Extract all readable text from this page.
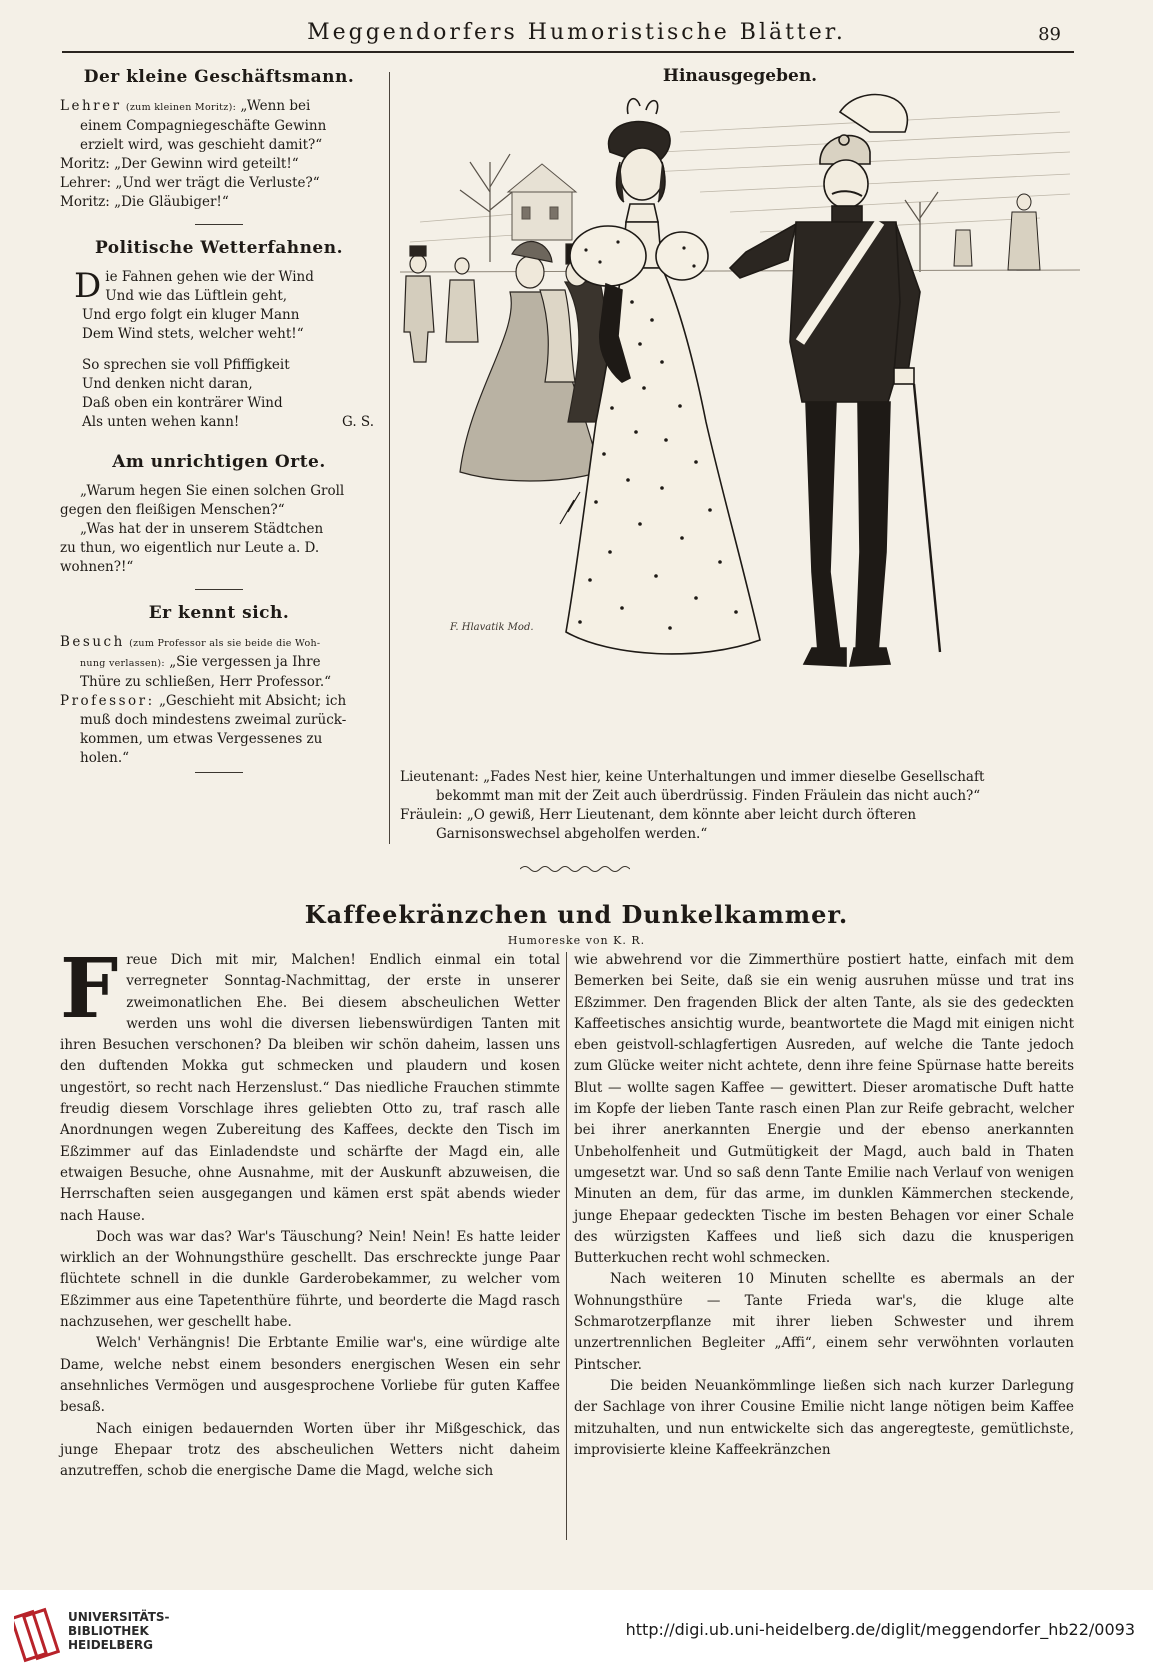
Meggendorfers Humoristische Blätter.	89
Der kleine Geschäftsmann.
Lehrer (zum kleinen Moritz): „Wenn bei
einem Compagniegeschäfte Gewinn
erzielt wird, was geschieht damit?“
Moritz: „Der Gewinn wird geteilt!“
Lehrer: „Und wer trägt die Verluste?“
Moritz: „Die Gläubiger!“
Politische Wetterfahnen.
D ie Fahnen gehen wie der Wind
Und wie das Lüftlein geht,
Und ergo folgt ein kluger Mann
Dem Wind stets, welcher weht!“
So sprechen sie voll Pfiffigkeit
Und denken nicht daran,
Daß oben ein konträrer Wind
Als unten wehen kann!	G. S.
Am unrichtigen Orte.
„Warum hegen Sie einen solchen Groll
gegen den fleißigen Menschen?“
„Was hat der in unserem Städtchen
zu thun, wo eigentlich nur Leute a. D.
wohnen?!“
Er kennt sich.
Besuch (zum Professor als sie beide die Woh-
nung verlassen): „Sie vergessen ja Ihre
Thüre zu schließen, Herr Professor.“
Professor: „Geschieht mit Absicht; ich
muß doch mindestens zweimal zurück-
kommen, um etwas Vergessenes zu
holen.“
Hinausgegeben.
F. Hlavatik Mod.
Lieutenant: „Fades Nest hier, keine Unterhaltungen und immer dieselbe Gesellschaft
bekommt man mit der Zeit auch überdrüssig. Finden Fräulein das nicht auch?“
Fräulein: „O gewiß, Herr Lieutenant, dem könnte aber leicht durch öfteren
Garnisonswechsel abgeholfen werden.“
Kaffeekränzchen und Dunkelkammer.
Humoreske von K. R.

Freue Dich mit mir, Malchen! Endlich einmal ein total verregneter Sonntag-Nachmittag, der erste in unserer zweimonatlichen Ehe. Bei diesem abscheulichen Wetter werden uns wohl die diversen liebenswürdigen Tanten mit ihren Besuchen verschonen? Da bleiben wir schön daheim, lassen uns den duftenden Mokka gut schmecken und plaudern und kosen ungestört, so recht nach Herzenslust.“ Das niedliche Frauchen stimmte freudig diesem Vorschlage ihres geliebten Otto zu, traf rasch alle Anordnungen wegen Zubereitung des Kaffees, deckte den Tisch im Eßzimmer auf das Einladendste und schärfte der Magd ein, alle etwaigen Besuche, ohne Ausnahme, mit der Auskunft abzuweisen, die Herrschaften seien ausgegangen und kämen erst spät abends wieder nach Hause.

Doch was war das? War's Täuschung? Nein! Nein! Es hatte leider wirklich an der Wohnungsthüre geschellt. Das erschreckte junge Paar flüchtete schnell in die dunkle Garderobekammer, zu welcher vom Eßzimmer aus eine Tapetenthüre führte, und beorderte die Magd rasch nachzusehen, wer geschellt habe.

Welch' Verhängnis! Die Erbtante Emilie war's, eine würdige alte Dame, welche nebst einem besonders energischen Wesen ein sehr ansehnliches Vermögen und ausgesprochene Vorliebe für guten Kaffee besaß.

Nach einigen bedauernden Worten über ihr Mißgeschick, das junge Ehepaar trotz des abscheulichen Wetters nicht daheim anzutreffen, schob die energische Dame die Magd, welche sich

wie abwehrend vor die Zimmerthüre postiert hatte, einfach mit dem Bemerken bei Seite, daß sie ein wenig ausruhen müsse und trat ins Eßzimmer. Den fragenden Blick der alten Tante, als sie des gedeckten Kaffeetisches ansichtig wurde, beantwortete die Magd mit einigen nicht eben geistvoll-schlagfertigen Ausreden, auf welche die Tante jedoch zum Glücke weiter nicht achtete, denn ihre feine Spürnase hatte bereits Blut — wollte sagen Kaffee — gewittert. Dieser aromatische Duft hatte im Kopfe der lieben Tante rasch einen Plan zur Reife gebracht, welcher bei ihrer anerkannten Energie und der ebenso anerkannten Unbeholfenheit und Gutmütigkeit der Magd, auch bald in Thaten umgesetzt war. Und so saß denn Tante Emilie nach Verlauf von wenigen Minuten an dem, für das arme, im dunklen Kämmerchen steckende, junge Ehepaar gedeckten Tische im besten Behagen vor einer Schale des würzigsten Kaffees und ließ sich dazu die knusperigen Butterkuchen recht wohl schmecken.

Nach weiteren 10 Minuten schellte es abermals an der Wohnungsthüre — Tante Frieda war's, die kluge alte Schmarotzerpflanze mit ihrer lieben Schwester und ihrem unzertrennlichen Begleiter „Affi“, einem sehr verwöhnten vorlauten Pintscher.

Die beiden Neuankömmlinge ließen sich nach kurzer Darlegung der Sachlage von ihrer Cousine Emilie nicht lange nötigen beim Kaffee mitzuhalten, und nun entwickelte sich das angeregteste, gemütlichste, improvisierte kleine Kaffeekränzchen

UNIVERSITÄTS-
BIBLIOTHEK
HEIDELBERG
http://digi.ub.uni-heidelberg.de/diglit/meggendorfer_hb22/0093
